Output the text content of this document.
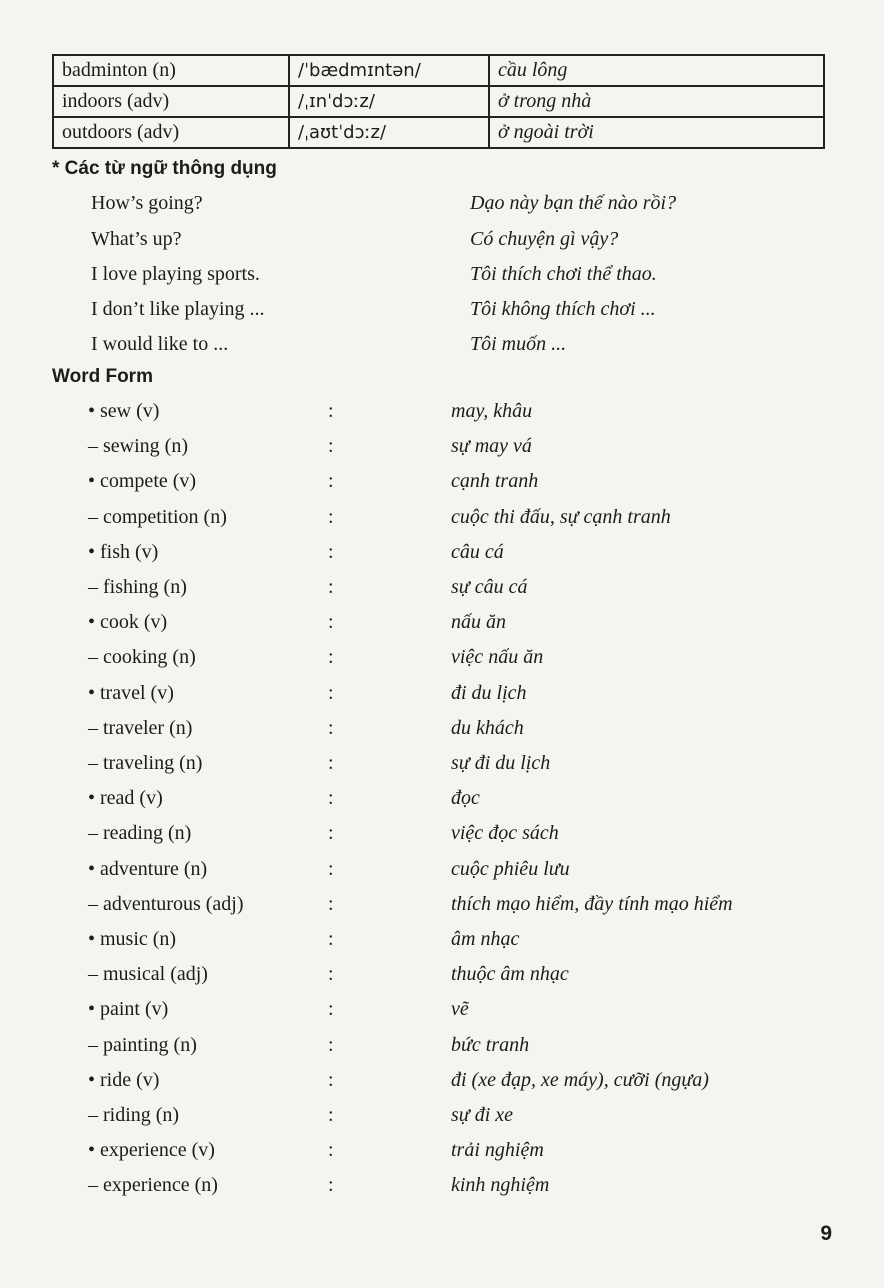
badminton (n)	/ˈbædmɪntən/	cầu lông
indoors (adv)	/ˌɪnˈdɔːz/	ở trong nhà
outdoors (adv)	/ˌaʊtˈdɔːz/	ở ngoài trời
* Các từ ngữ thông dụng
How’s going?	Dạo này bạn thế nào rồi?
What’s up?	Có chuyện gì vậy?
I love playing sports.	Tôi thích chơi thể thao.
I don’t like playing ...	Tôi không thích chơi ...
I would like to ...	Tôi muốn ...
Word Form
• sew (v)	:	may, khâu
– sewing (n)	:	sự may vá
• compete (v)	:	cạnh tranh
– competition (n)	:	cuộc thi đấu, sự cạnh tranh
• fish (v)	:	câu cá
– fishing (n)	:	sự câu cá
• cook (v)	:	nấu ăn
– cooking (n)	:	việc nấu ăn
• travel (v)	:	đi du lịch
– traveler (n)	:	du khách
– traveling (n)	:	sự đi du lịch
• read (v)	:	đọc
– reading (n)	:	việc đọc sách
• adventure (n)	:	cuộc phiêu lưu
– adventurous (adj)	:	thích mạo hiểm, đầy tính mạo hiểm
• music (n)	:	âm nhạc
– musical (adj)	:	thuộc âm nhạc
• paint (v)	:	vẽ
– painting (n)	:	bức tranh
• ride (v)	:	đi (xe đạp, xe máy), cưỡi (ngựa)
– riding (n)	:	sự đi xe
• experience (v)	:	trải nghiệm
– experience (n)	:	kinh nghiệm
9
